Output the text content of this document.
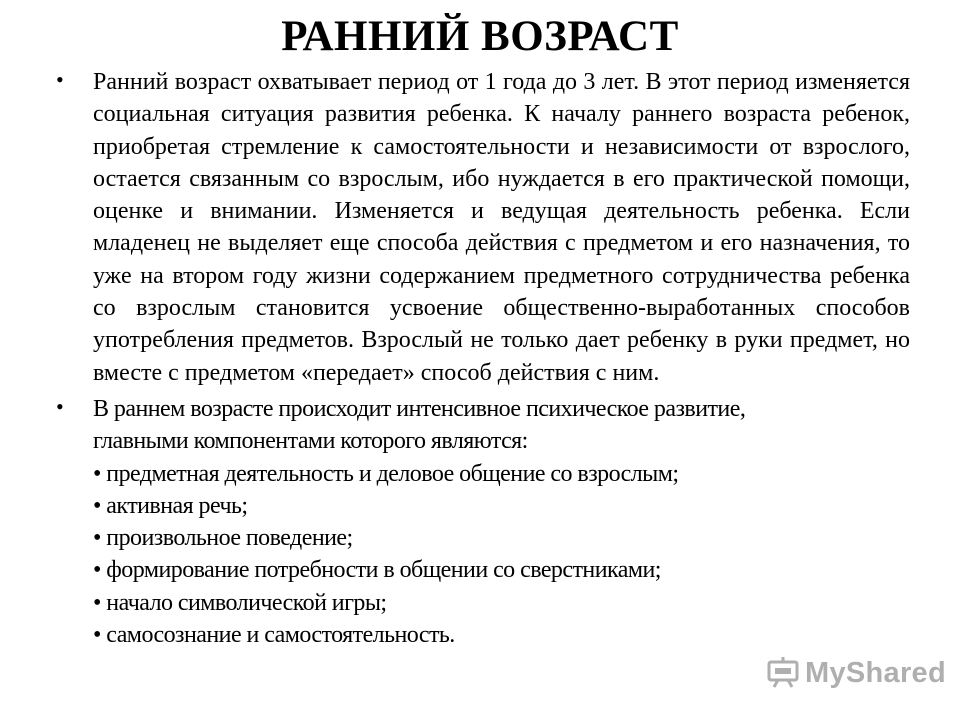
РАННИЙ ВОЗРАСТ
• Ранний возраст охватывает период от 1 года до 3 лет. В этот период изменяется социальная ситуация развития ребенка. К началу раннего возраста ребенок, приобретая стремление к самостоятельности и независимости от взрослого, остается связанным со взрослым, ибо нуждается в его практической помощи, оценке и внимании. Изменяется и ведущая деятельность ребенка. Если младенец не выделяет еще способа действия с предметом и его назначения, то уже на втором году жизни содержанием предметного сотрудничества ребенка со взрослым становится усвоение общественно-выработанных способов употребления предметов. Взрослый не только дает ребенку в руки предмет, но вместе с предметом «передает» способ действия с ним.
• В раннем возрасте происходит интенсивное психическое развитие,
главными компонентами которого являются:
• предметная деятельность и деловое общение со взрослым;
• активная речь;
• произвольное поведение;
• формирование потребности в общении со сверстниками;
• начало символической игры;
• самосознание и самостоятельность.
MyShared
